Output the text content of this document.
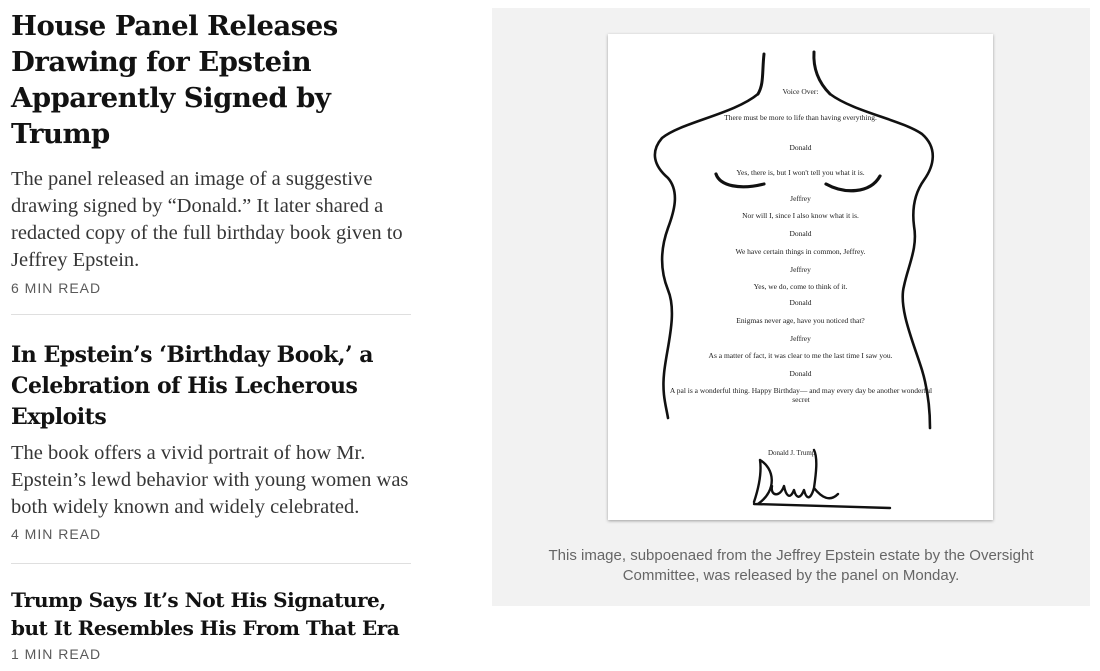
House Panel Releases Drawing for Epstein Apparently Signed by Trump

The panel released an image of a suggestive drawing signed by “Donald.” It later shared a redacted copy of the full birthday book given to Jeffrey Epstein.

6 MIN READ

In Epstein’s ‘Birthday Book,’ a Celebration of His Lecherous Exploits

The book offers a vivid portrait of how Mr. Epstein’s lewd behavior with young women was both widely known and widely celebrated.

4 MIN READ

Trump Says It’s Not His Signature, but It Resembles His From That Era

1 MIN READ

Voice Over:
There must be more to life than having everything.
Donald
Yes, there is, but I won't tell you what it is.
Jeffrey
Nor will I, since I also know what it is.
Donald
We have certain things in common, Jeffrey.
Jeffrey
Yes, we do, come to think of it.
Donald
Enigmas never age, have you noticed that?
Jeffrey
As a matter of fact, it was clear to me the last time I saw you.
Donald
A pal is a wonderful thing. Happy Birthday— and may every day be another wonderful secret
Donald J. Trump

This image, subpoenaed from the Jeffrey Epstein estate by the Oversight Committee, was released by the panel on Monday.
